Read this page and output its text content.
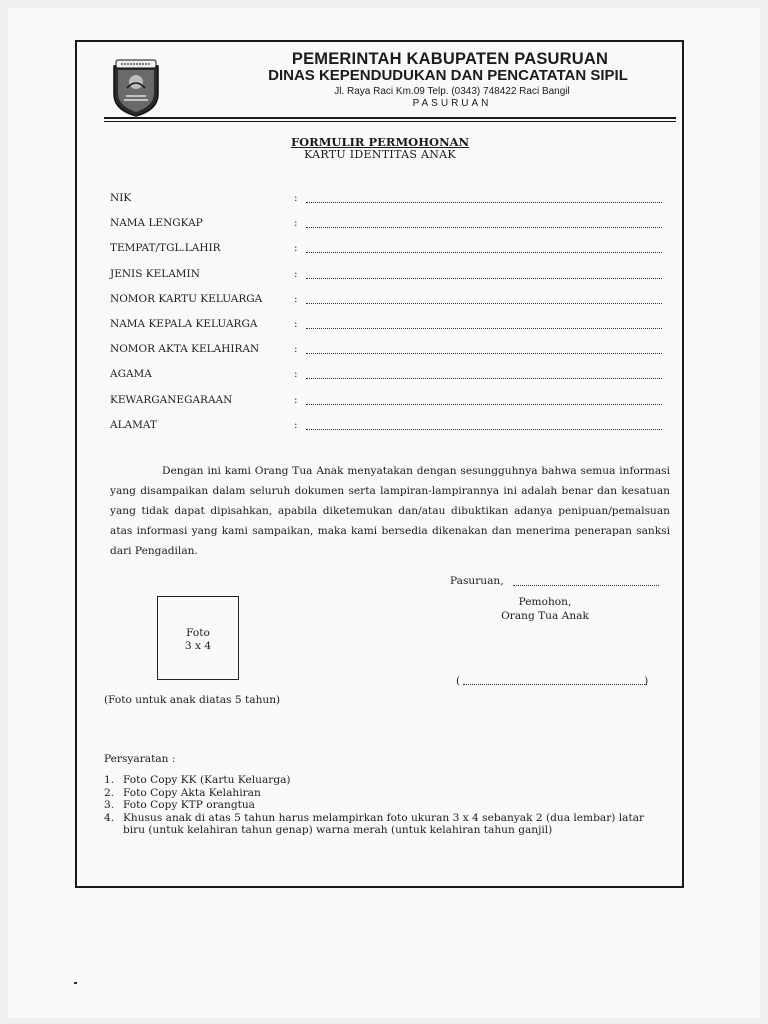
PEMERINTAH KABUPATEN PASURUAN
DINAS KEPENDUDUKAN DAN PENCATATAN SIPIL
Jl. Raya Raci Km.09 Telp. (0343) 748422 Raci Bangil
PASURUAN
FORMULIR PERMOHONAN
KARTU IDENTITAS ANAK
NIK	:
NAMA LENGKAP	:
TEMPAT/TGL.LAHIR	:
JENIS KELAMIN	:
NOMOR KARTU KELUARGA	:
NAMA KEPALA KELUARGA	:
NOMOR AKTA KELAHIRAN	:
AGAMA	:
KEWARGANEGARAAN	:
ALAMAT	:
Dengan ini kami Orang Tua Anak menyatakan dengan sesungguhnya bahwa semua informasi yang disampaikan dalam seluruh dokumen serta lampiran-lampirannya ini adalah benar dan kesatuan yang tidak dapat dipisahkan, apabila diketemukan dan/atau dibuktikan adanya penipuan/pemalsuan atas informasi yang kami sampaikan, maka kami bersedia dikenakan dan menerima penerapan sanksi dari Pengadilan.
Pasuruan,
Pemohon,
Orang Tua Anak
(	)
Foto
3 x 4
(Foto untuk anak diatas 5 tahun)
Persyaratan :
1. Foto Copy KK (Kartu Keluarga)
2. Foto Copy Akta Kelahiran
3. Foto Copy KTP orangtua
4. Khusus anak di atas 5 tahun harus melampirkan foto ukuran 3 x 4 sebanyak 2 (dua lembar) latar biru (untuk kelahiran tahun genap) warna merah (untuk kelahiran tahun ganjil)
